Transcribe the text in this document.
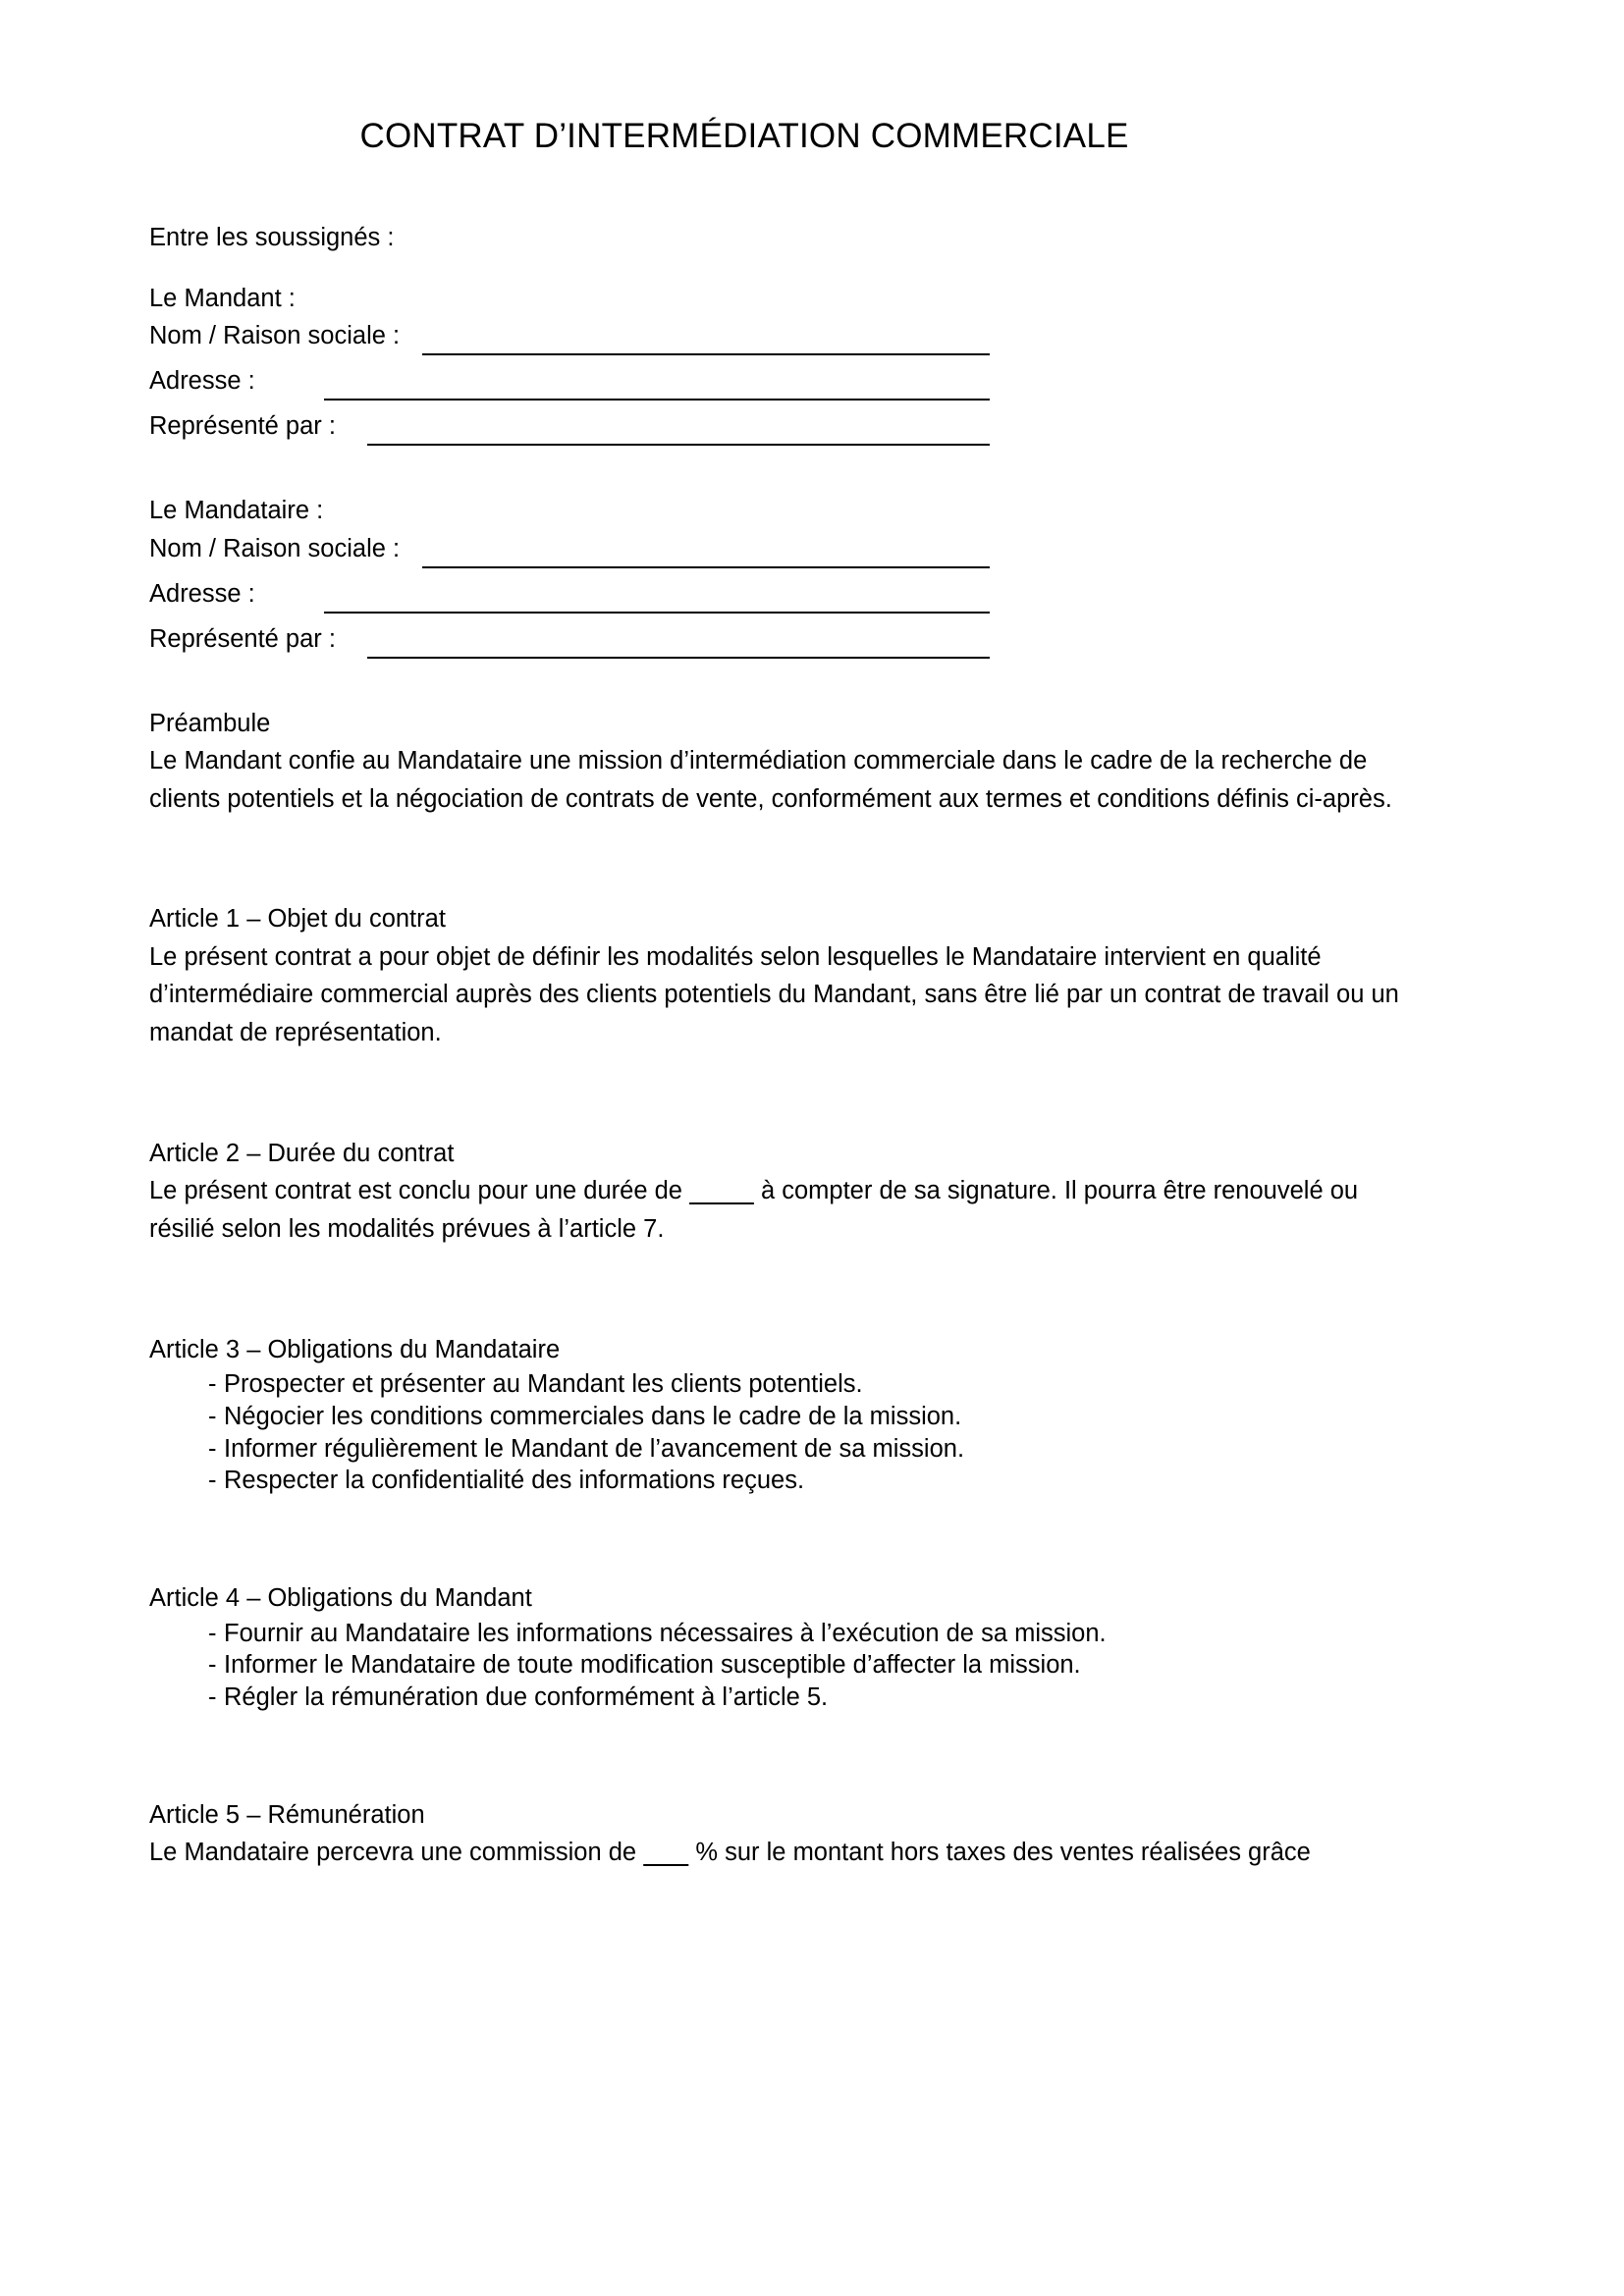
CONTRAT D’INTERMÉDIATION COMMERCIALE

Entre les soussignés :

Le Mandant :

Nom / Raison sociale :
Adresse :
Représenté par :

Le Mandataire :

Nom / Raison sociale :
Adresse :
Représenté par :

Préambule

Le Mandant confie au Mandataire une mission d’intermédiation commerciale dans le cadre de la recherche de clients potentiels et la négociation de contrats de vente, conformément aux termes et conditions définis ci-après.

Article 1 – Objet du contrat

Le présent contrat a pour objet de définir les modalités selon lesquelles le Mandataire intervient en qualité d’intermédiaire commercial auprès des clients potentiels du Mandant, sans être lié par un contrat de travail ou un mandat de représentation.

Article 2 – Durée du contrat

Le présent contrat est conclu pour une durée de	à compter de sa signature. Il pourra être renouvelé ou résilié selon les modalités prévues à l’article 7.

Article 3 – Obligations du Mandataire

- Prospecter et présenter au Mandant les clients potentiels.
- Négocier les conditions commerciales dans le cadre de la mission.
- Informer régulièrement le Mandant de l’avancement de sa mission.
- Respecter la confidentialité des informations reçues.

Article 4 – Obligations du Mandant

- Fournir au Mandataire les informations nécessaires à l’exécution de sa mission.
- Informer le Mandataire de toute modification susceptible d’affecter la mission.
- Régler la rémunération due conformément à l’article 5.

Article 5 – Rémunération

Le Mandataire percevra une commission de         % sur le montant hors taxes des ventes réalisées grâce
